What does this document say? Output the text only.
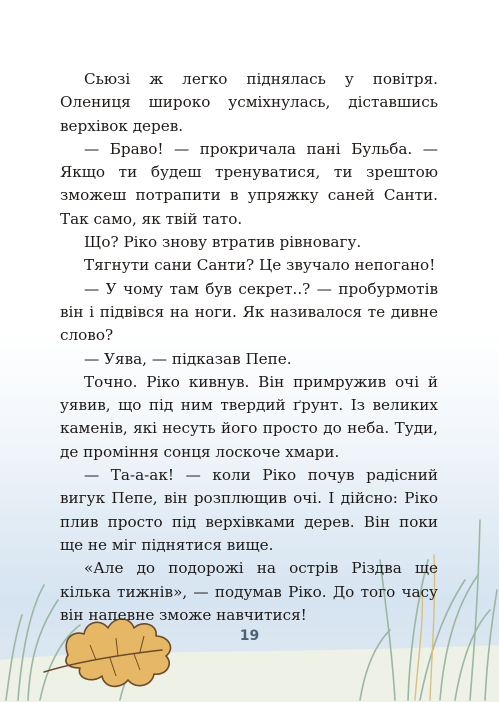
Сьюзі ж легко піднялась у повітря. Олениця широко усміхнулась, діставшись верхівок дерев.

— Браво! — прокричала пані Бульба. — Якщо ти будеш тренуватися, ти зрештою зможеш потрапити в упряжку саней Санти. Так само, як твій тато.

Що? Ріко знову втратив рівновагу.

Тягнути сани Санти? Це звучало непогано!

— У чому там був секрет..? — пробурмотів він і підвівся на ноги. Як називалося те дивне слово?

— Уява, — підказав Пепе.

Точно. Ріко кивнув. Він примружив очі й уявив, що під ним твердий ґрунт. Із великих каменів, які несуть його просто до неба. Туди, де проміння сонця лоскоче хмари.

— Та-а-ак! — коли Ріко почув радісний вигук Пепе, він розплющив очі. І дійсно: Ріко плив просто під верхівками дерев. Він поки ще не міг піднятися вище.

«Але до подорожі на острів Різдва ще кілька тижнів», — подумав Ріко. До того часу він напевне зможе навчитися!

19
